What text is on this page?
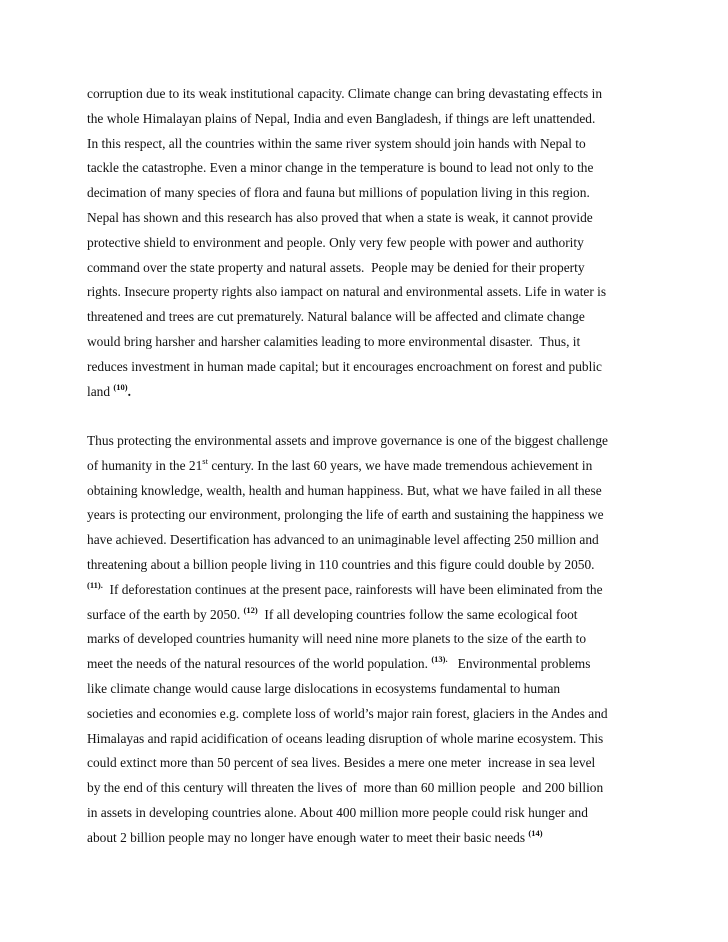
corruption due to its weak institutional capacity. Climate change can bring devastating effects in
the whole Himalayan plains of Nepal, India and even Bangladesh, if things are left unattended.
In this respect, all the countries within the same river system should join hands with Nepal to
tackle the catastrophe. Even a minor change in the temperature is bound to lead not only to the
decimation of many species of flora and fauna but millions of population living in this region.
Nepal has shown and this research has also proved that when a state is weak, it cannot provide
protective shield to environment and people. Only very few people with power and authority
command over the state property and natural assets.  People may be denied for their property
rights. Insecure property rights also iampact on natural and environmental assets. Life in water is
threatened and trees are cut prematurely. Natural balance will be affected and climate change
would bring harsher and harsher calamities leading to more environmental disaster.  Thus, it
reduces investment in human made capital; but it encourages encroachment on forest and public
land $^{(10)}$.
Thus protecting the environmental assets and improve governance is one of the biggest challenge
of humanity in the 21st century. In the last 60 years, we have made tremendous achievement in
obtaining knowledge, wealth, health and human happiness. But, what we have failed in all these
years is protecting our environment, prolonging the life of earth and sustaining the happiness we
have achieved. Desertification has advanced to an unimaginable level affecting 250 million and
threatening about a billion people living in 110 countries and this figure could double by 2050.
$^{(11).}$  If deforestation continues at the present pace, rainforests will have been eliminated from the
surface of the earth by 2050. $^{(12)}$  If all developing countries follow the same ecological foot
marks of developed countries humanity will need nine more planets to the size of the earth to
meet the needs of the natural resources of the world population. $^{(13).}$   Environmental problems
like climate change would cause large dislocations in ecosystems fundamental to human
societies and economies e.g. complete loss of world’s major rain forest, glaciers in the Andes and
Himalayas and rapid acidification of oceans leading disruption of whole marine ecosystem. This
could extinct more than 50 percent of sea lives. Besides a mere one meter  increase in sea level
by the end of this century will threaten the lives of  more than 60 million people  and 200 billion
in assets in developing countries alone. About 400 million more people could risk hunger and
about 2 billion people may no longer have enough water to meet their basic needs $^{(14)}$
